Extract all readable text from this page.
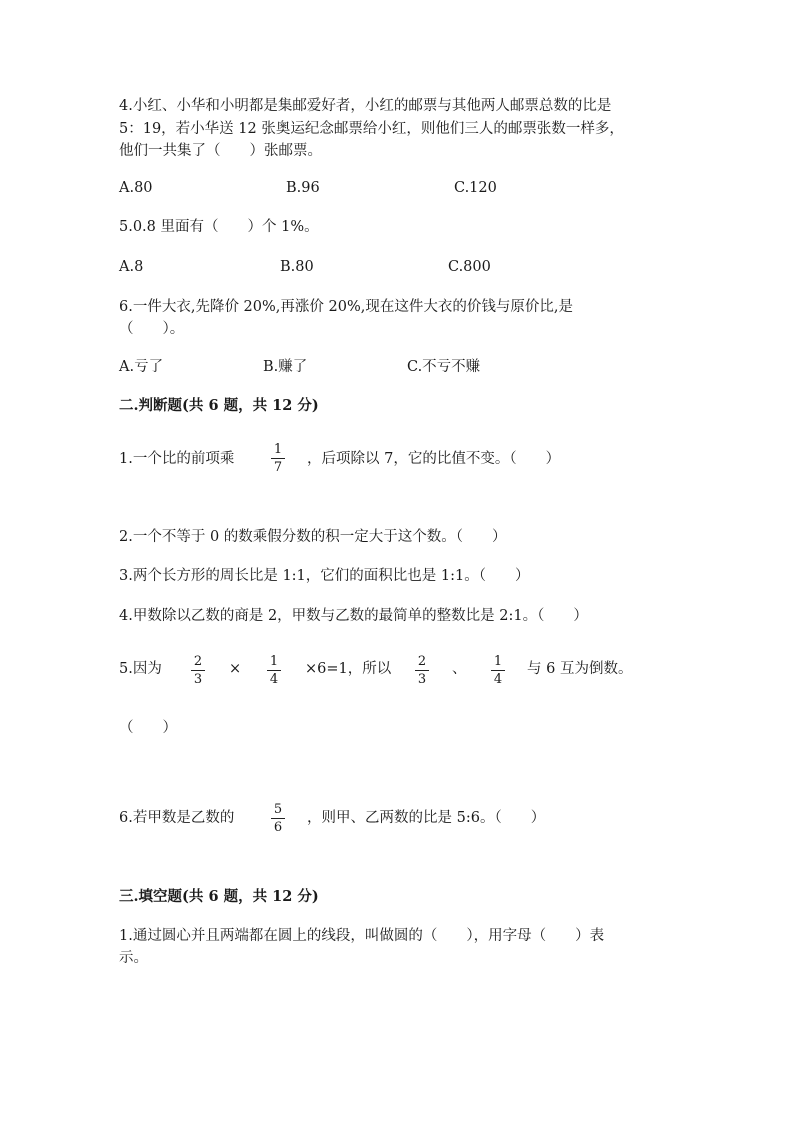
4.小红、小华和小明都是集邮爱好者，小红的邮票与其他两人邮票总数的比是
5：19，若小华送 12 张奥运纪念邮票给小红，则他们三人的邮票张数一样多，
他们一共集了（　　）张邮票。
A.80	B.96	C.120
5.0.8 里面有（　　）个 1%。
A.8	B.80	C.800
6.一件大衣,先降价 20%,再涨价 20%,现在这件大衣的价钱与原价比,是
（　　）。
A.亏了	B.赚了	C.不亏不赚
二.判断题(共 6 题，共 12 分)
1.一个比的前项乘
1
7
，后项除以 7，它的比值不变。（　　）
2.一个不等于 0 的数乘假分数的积一定大于这个数。（　　）
3.两个长方形的周长比是 1:1，它们的面积比也是 1:1。（　　）
4.甲数除以乙数的商是 2，甲数与乙数的最简单的整数比是 2:1。（　　）
5.因为 2
3
× 1
4
×6=1，所以 2
3
、 1
4
与 6 互为倒数。
（　　）
6.若甲数是乙数的
5
6
，则甲、乙两数的比是 5:6。（　　）
三.填空题(共 6 题，共 12 分)
1.通过圆心并且两端都在圆上的线段，叫做圆的（　　），用字母（　　）表
示。
